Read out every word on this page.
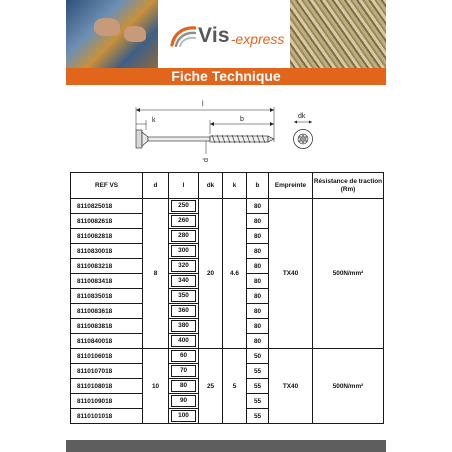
Vis -express
Fiche Technique
l
k	b
d
dk
REF VS	d	l	dk	k	b	Empreinte	Résistance de traction (Rm)
8110825018	8	250	20	4.6	80	TX40	500N/mm²
8110082618		260			80		
8110082818		280			80		
8110830018		300			80		
8110083218		320			80		
8110083418		340			80		
8110835018		350			80		
8110083618		360			80		
8110083818		380			80		
8110840018		400			80		
8110106018	10	60	25	5	50	TX40	500N/mm²
8110107018		70			55		
8110108018		80			55		
8110109018		90			55		
8110101018		100			55		
